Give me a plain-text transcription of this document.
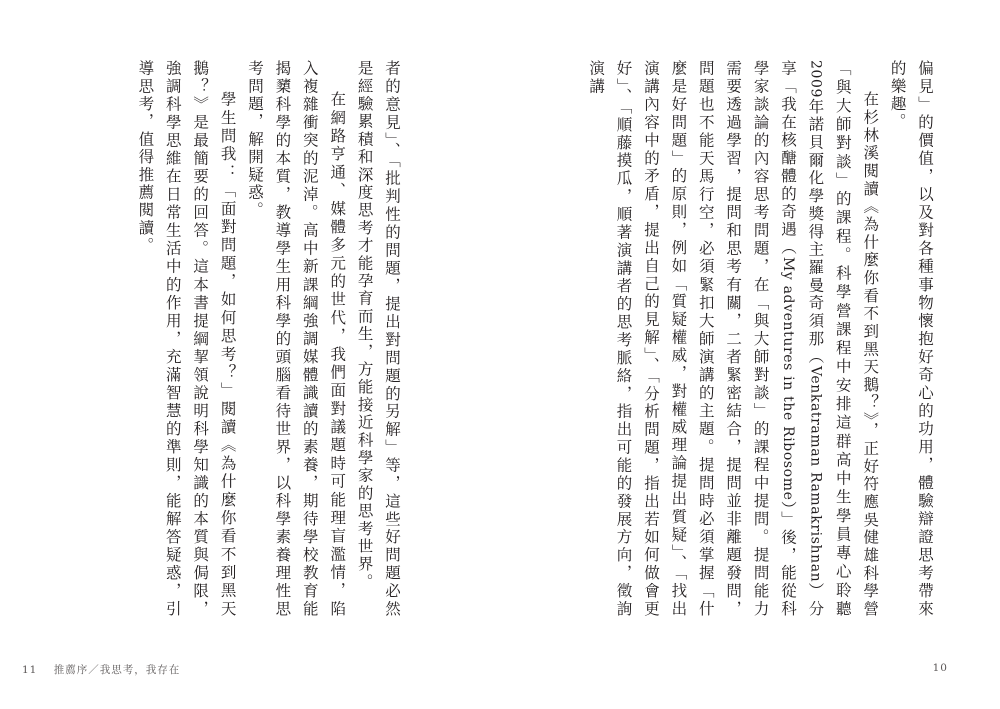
者的意見」、「批判性的問題，提出對問題的另解」等，這些好問題必然是經驗累積和深度思考才能孕育而生，方能接近科學家的思考世界。

在網路亨通、媒體多元的世代，我們面對議題時可能理盲濫情，陷入複雜衝突的泥淖。高中新課綱強調媒體識讀的素養，期待學校教育能揭櫫科學的本質，教導學生用科學的頭腦看待世界，以科學素養理性思考問題，解開疑惑。

學生問我：「面對問題，如何思考？」閱讀《為什麼你看不到黑天鵝？》是最簡要的回答。這本書提綱挈領說明科學知識的本質與侷限，強調科學思維在日常生活中的作用，充滿智慧的準則，能解答疑惑，引導思考，值得推薦閱讀。

11 推薦序／我思考，我存在

偏見」的價值，以及對各種事物懷抱好奇心的功用，體驗辯證思考帶來的樂趣。

在杉林溪閱讀《為什麼你看不到黑天鵝？》，正好符應吳健雄科學營「與大師對談」的課程。科學營課程中安排這群高中生學員專心聆聽2009年諾貝爾化學獎得主羅曼奇須那（Venkatraman Ramakrishnan）分享「我在核醣體的奇遇（My adventures in the Ribosome）」後，能從科學家談論的內容思考問題，在「與大師對談」的課程中提問。提問能力需要透過學習，提問和思考有關，二者緊密結合，提問並非離題發問，問題也不能天馬行空，必須緊扣大師演講的主題。提問時必須掌握「什麼是好問題」的原則，例如「質疑權威，對權威理論提出質疑」、「找出演講內容中的矛盾，提出自己的見解」、「分析問題，指出若如何做會更好」、「順藤摸瓜，順著演講者的思考脈絡，指出可能的發展方向，徵詢演講

10
